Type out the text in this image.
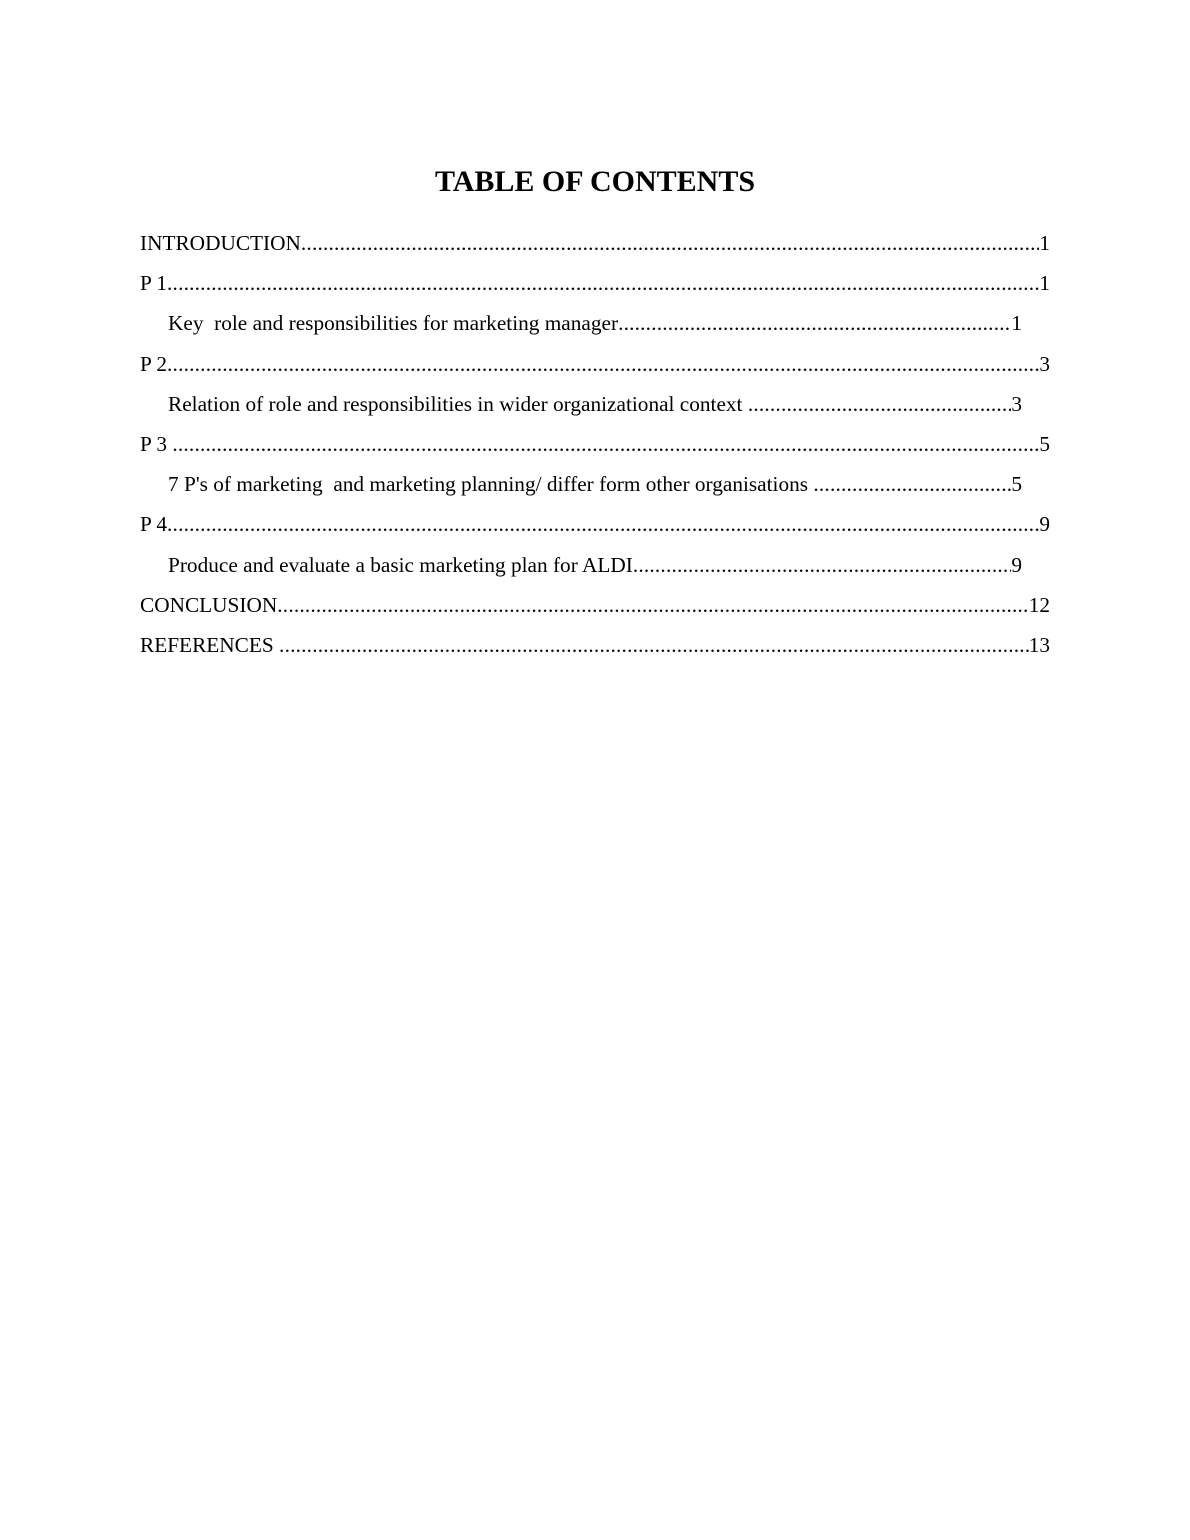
TABLE OF CONTENTS
INTRODUCTION .....	1
P 1 .....	1
Key  role and responsibilities for marketing manager .....	1
P 2 .....	3
Relation of role and responsibilities in wider organizational context .....	3
P 3 .....	5
7 P's of marketing  and marketing planning/ differ form other organisations .....	5
P 4 .....	9
Produce and evaluate a basic marketing plan for ALDI .....	9
CONCLUSION .....	12
REFERENCES .....	13
